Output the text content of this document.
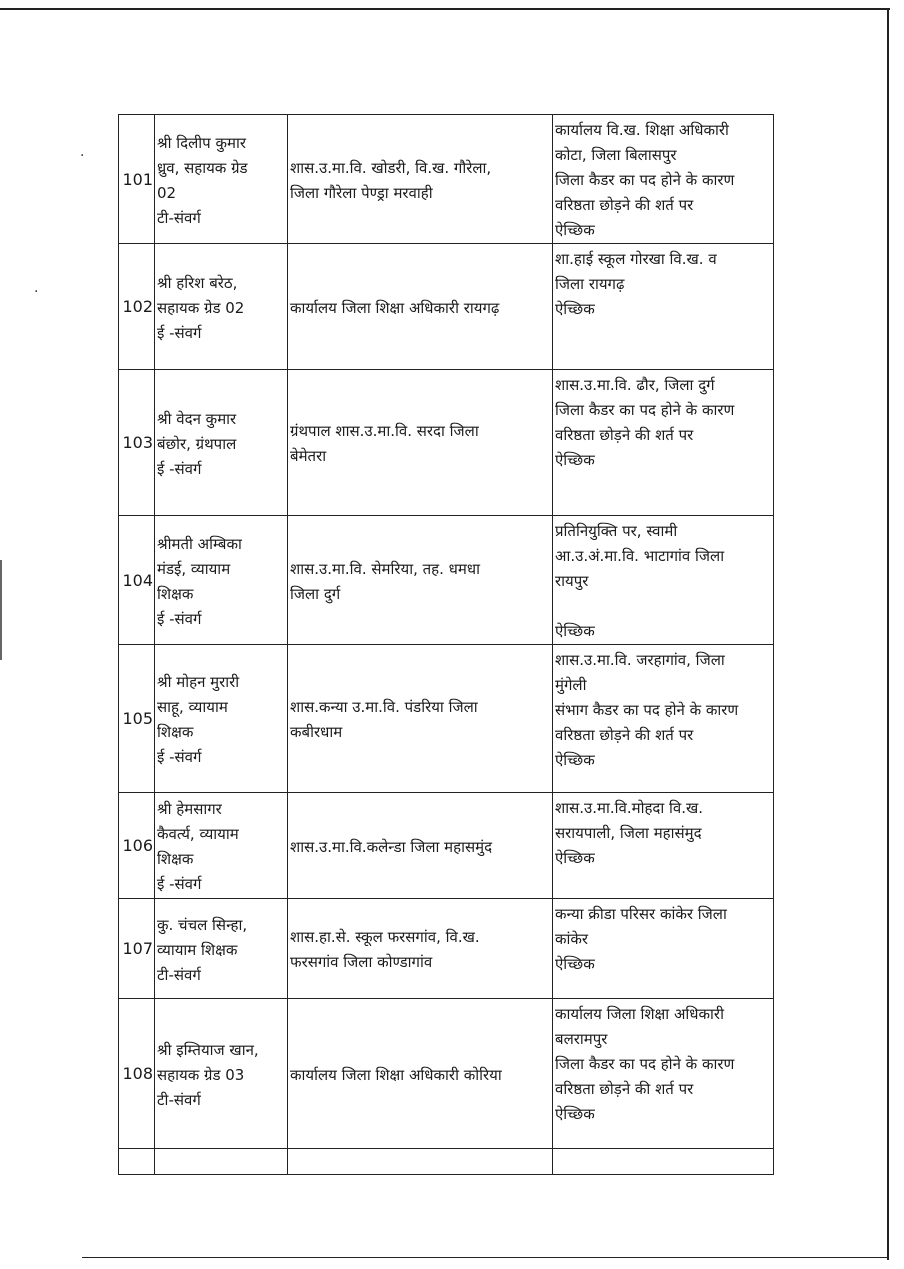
·
·
101	श्री दिलीप कुमार
ध्रुव, सहायक ग्रेड
02
टी-संवर्ग	शास.उ.मा.वि. खोडरी, वि.ख. गौरेला,
जिला गौरेला पेण्ड्रा मरवाही	कार्यालय वि.ख. शिक्षा अधिकारी
कोटा, जिला बिलासपुर
जिला कैडर का पद होने के कारण
वरिष्ठता छोड़ने की शर्त पर
ऐच्छिक

102	श्री हरिश बरेठ,
सहायक ग्रेड 02
ई -संवर्ग	कार्यालय जिला शिक्षा अधिकारी रायगढ़	शा.हाई स्कूल गोरखा वि.ख. व
जिला रायगढ़
ऐच्छिक

103	श्री वेदन कुमार
बंछोर, ग्रंथपाल
ई -संवर्ग	ग्रंथपाल शास.उ.मा.वि. सरदा जिला
बेमेतरा	शास.उ.मा.वि. ढौर, जिला दुर्ग
जिला कैडर का पद होने के कारण
वरिष्ठता छोड़ने की शर्त पर
ऐच्छिक

104	श्रीमती अम्बिका
मंडई, व्यायाम
शिक्षक
ई -संवर्ग	शास.उ.मा.वि. सेमरिया, तह. धमधा
जिला दुर्ग	प्रतिनियुक्ति पर, स्वामी
आ.उ.अं.मा.वि. भाटागांव जिला
रायपुर

ऐच्छिक

105	श्री मोहन मुरारी
साहू, व्यायाम
शिक्षक
ई -संवर्ग	शास.कन्या उ.मा.वि. पंडरिया जिला
कबीरधाम	शास.उ.मा.वि. जरहागांव, जिला
मुंगेली
संभाग कैडर का पद होने के कारण
वरिष्ठता छोड़ने की शर्त पर
ऐच्छिक

106	श्री हेमसागर
कैवर्त्य, व्यायाम
शिक्षक
ई -संवर्ग	शास.उ.मा.वि.कलेन्डा जिला महासमुंद	शास.उ.मा.वि.मोहदा वि.ख.
सरायपाली, जिला महासंमुद
ऐच्छिक

107	कु. चंचल सिन्हा,
व्यायाम शिक्षक
टी-संवर्ग	शास.हा.से. स्कूल फरसगांव, वि.ख.
फरसगांव जिला कोण्डागांव	कन्या क्रीडा परिसर कांकेर जिला
कांकेर
ऐच्छिक

108	श्री इम्तियाज खान,
सहायक ग्रेड 03
टी-संवर्ग	कार्यालय जिला शिक्षा अधिकारी कोरिया	कार्यालय जिला शिक्षा अधिकारी
बलरामपुर
जिला कैडर का पद होने के कारण
वरिष्ठता छोड़ने की शर्त पर
ऐच्छिक
